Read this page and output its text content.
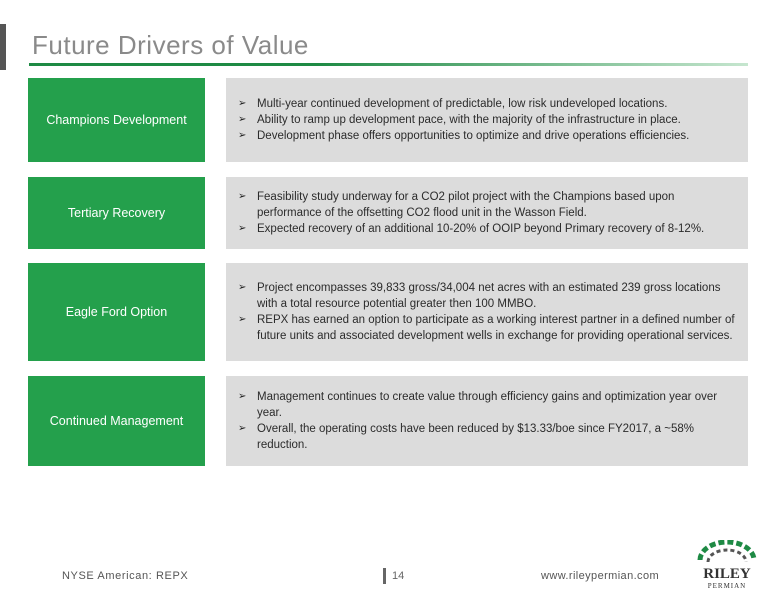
Future Drivers of Value
Champions Development
➢ Multi-year continued development of predictable, low risk undeveloped locations.
➢ Ability to ramp up development pace, with the majority of the infrastructure in place.
➢ Development phase offers opportunities to optimize and drive operations efficiencies.
Tertiary Recovery
➢ Feasibility study underway for a CO2 pilot project with the Champions based upon performance of the offsetting CO2 flood unit in the Wasson Field.
➢ Expected recovery of an additional 10-20% of OOIP beyond Primary recovery of 8-12%.
Eagle Ford Option
➢ Project encompasses 39,833 gross/34,004 net acres with an estimated 239 gross locations with a total resource potential greater then 100 MMBO.
➢ REPX has earned an option to participate as a working interest partner in a defined number of future units and associated development wells in exchange for providing operational services.
Continued Management
➢ Management continues to create value through efficiency gains and optimization year over year.
➢ Overall, the operating costs have been reduced by $13.33/boe since FY2017, a ~58% reduction.
NYSE American: REPX	14	www.rileypermian.com	RILEY
PERMIAN
